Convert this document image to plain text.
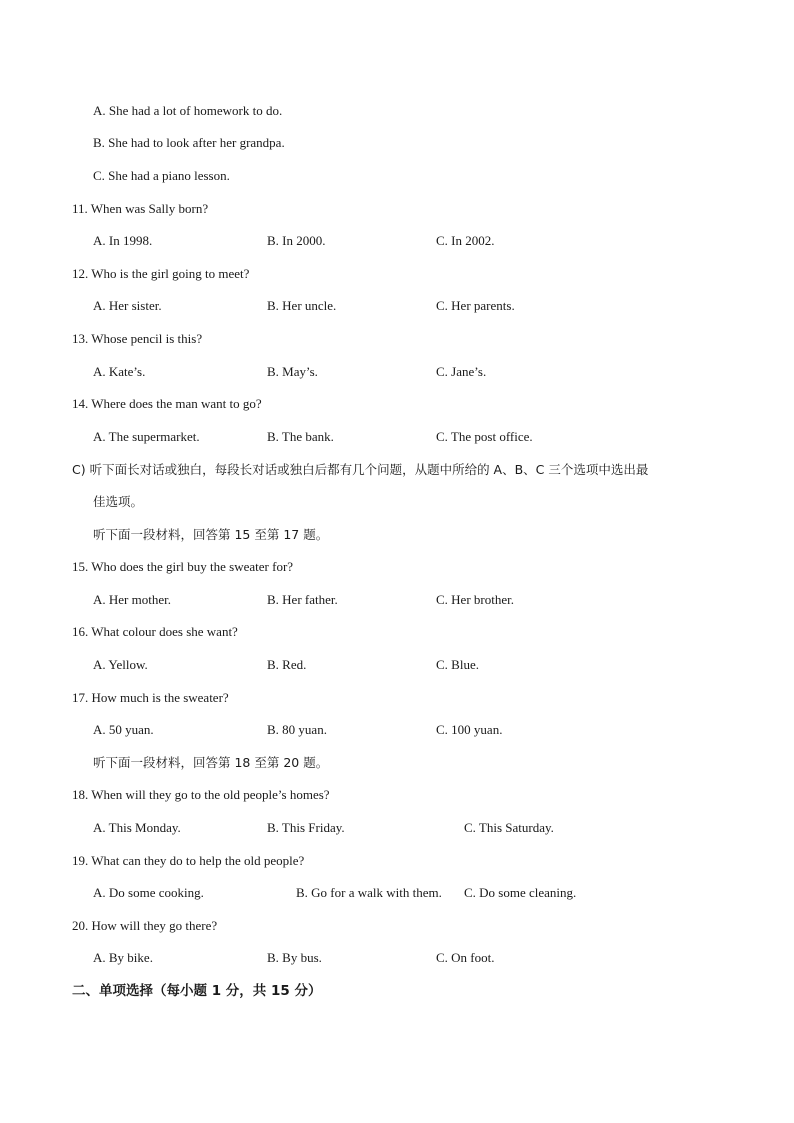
A. She had a lot of homework to do.
B. She had to look after her grandpa.
C. She had a piano lesson.
11. When was Sally born?
A. In 1998.	B. In 2000.	C. In 2002.
12. Who is the girl going to meet?
A. Her sister.	B. Her uncle.	C. Her parents.
13. Whose pencil is this?
A. Kate’s.	B. May’s.	C. Jane’s.
14. Where does the man want to go?
A. The supermarket.	B. The bank.	C. The post office.
C) 听下面长对话或独白，每段长对话或独白后都有几个问题，从题中所给的 A、B、C 三个选项中选出最
佳选项。
听下面一段材料，回答第 15 至第 17 题。
15. Who does the girl buy the sweater for?
A. Her mother.	B. Her father.	C. Her brother.
16. What colour does she want?
A. Yellow.	B. Red.	C. Blue.
17. How much is the sweater?
A. 50 yuan.	B. 80 yuan.	C. 100 yuan.
听下面一段材料，回答第 18 至第 20 题。
18. When will they go to the old people’s homes?
A. This Monday.	B. This Friday.	C. This Saturday.
19. What can they do to help the old people?
A. Do some cooking.	B. Go for a walk with them. C. Do some cleaning.
20. How will they go there?
A. By bike.	B. By bus.	C. On foot.
二、单项选择（每小题 1 分，共 15 分）
